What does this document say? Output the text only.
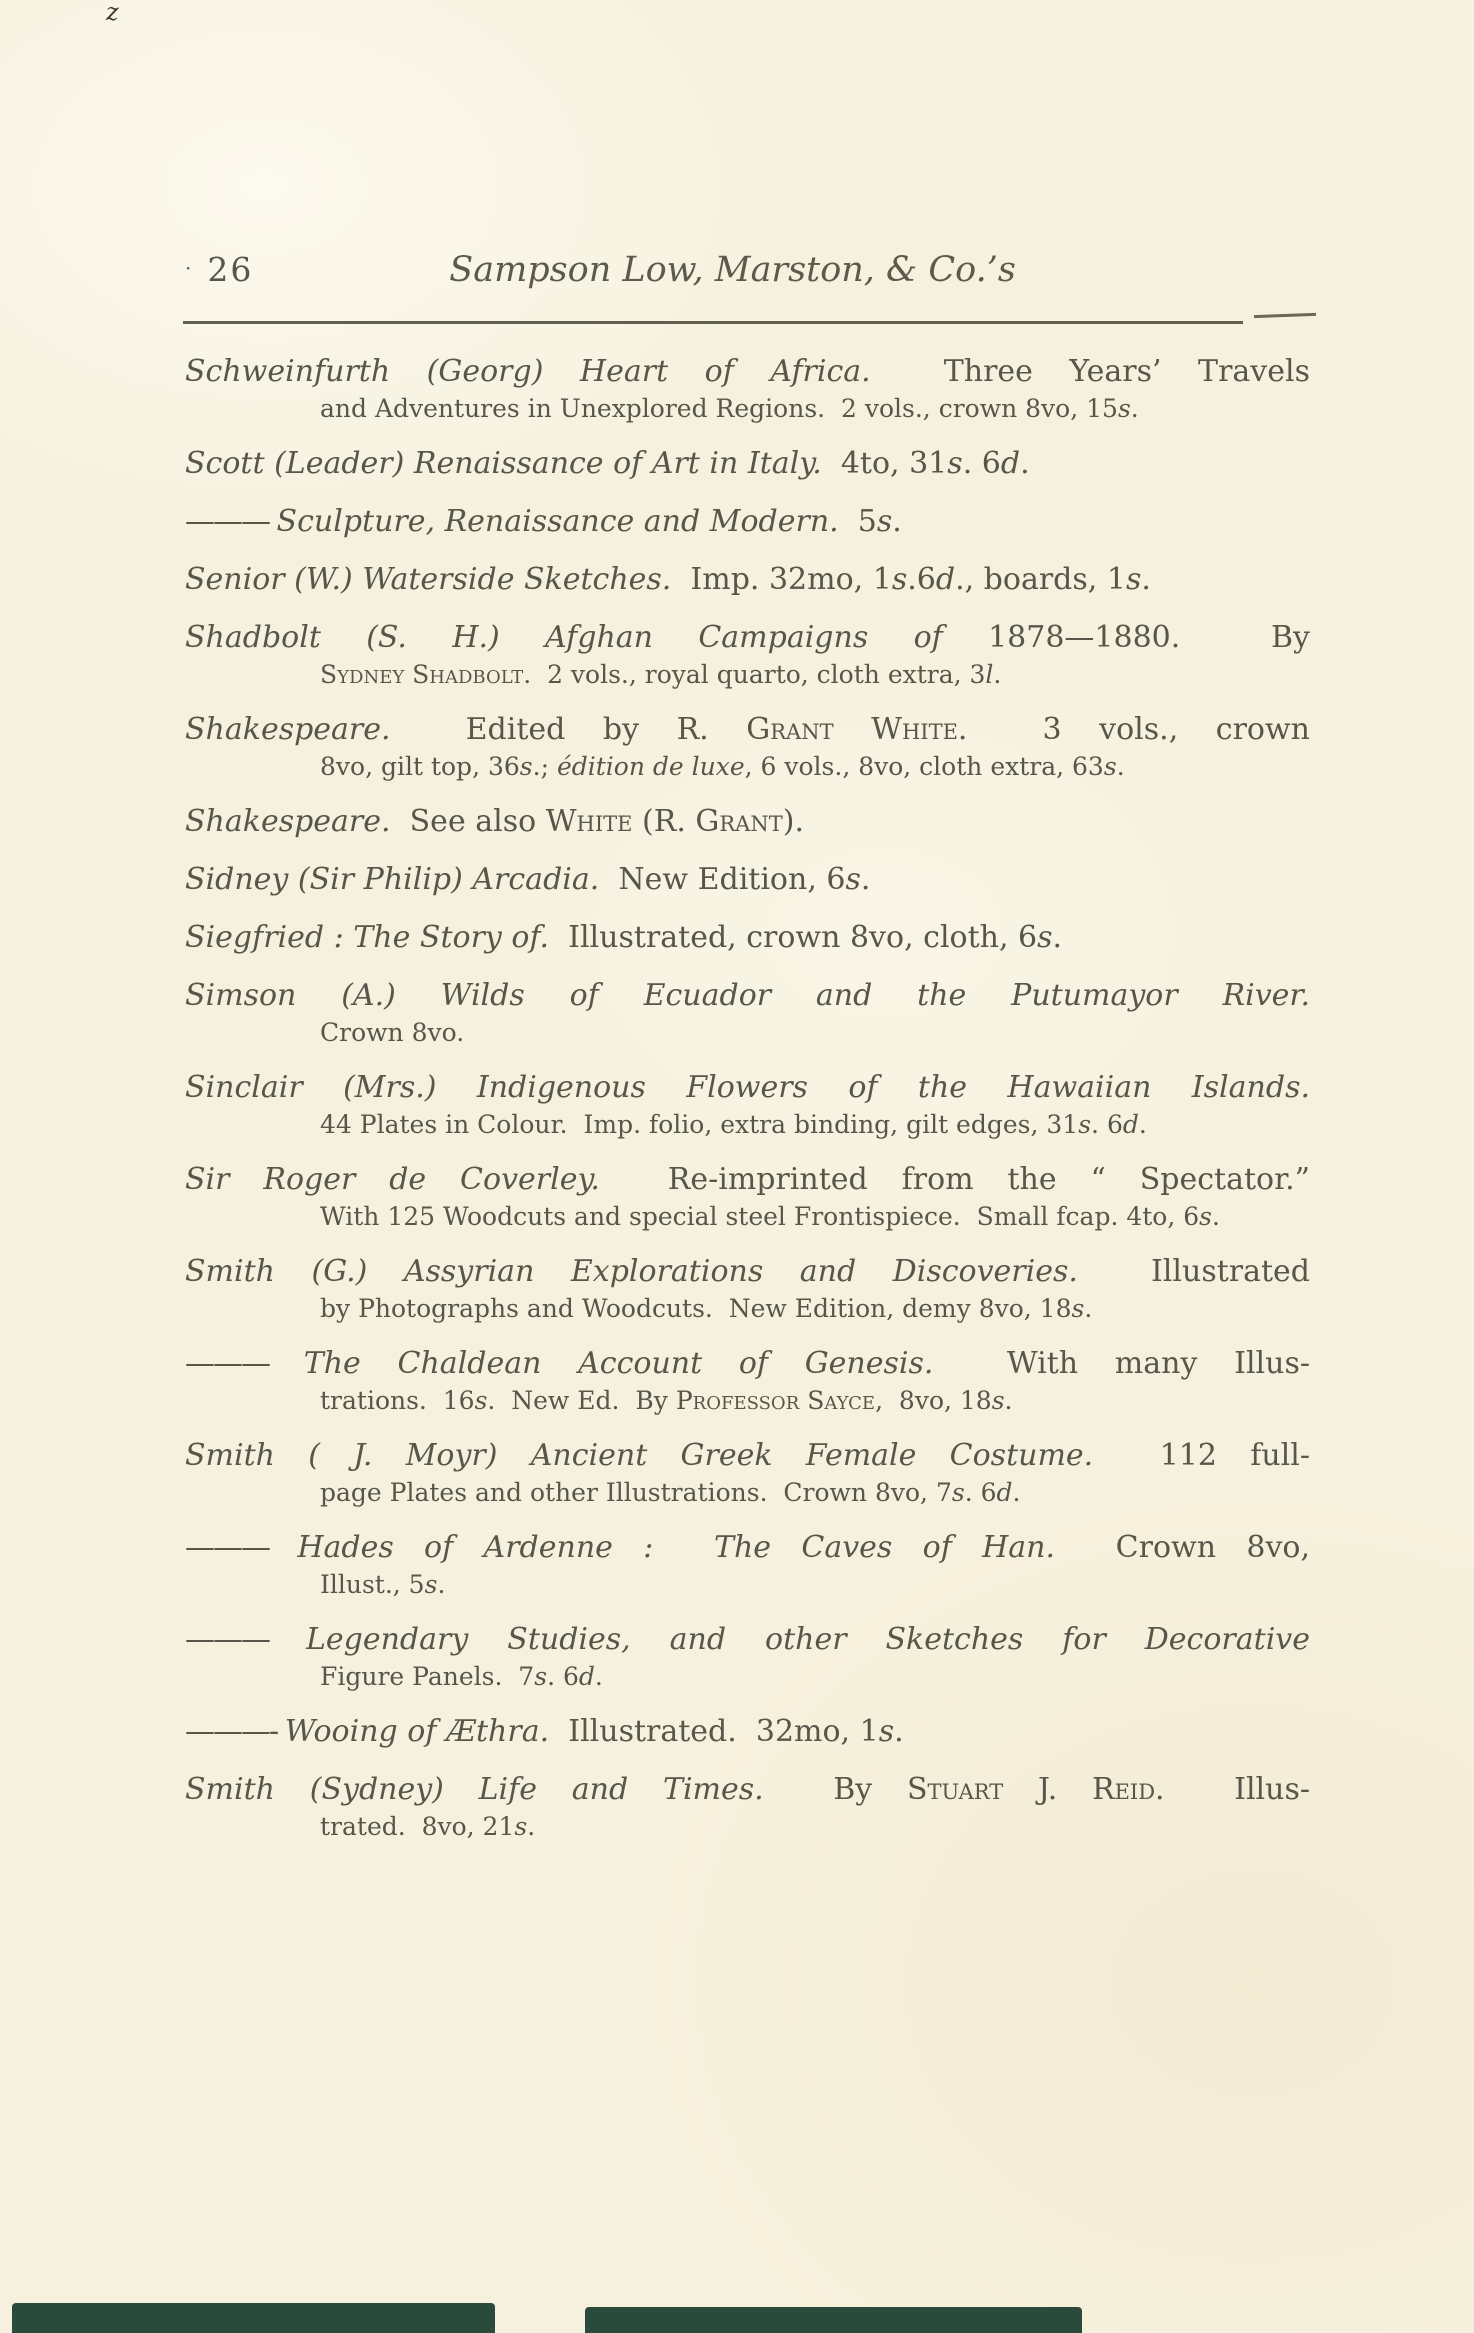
z
· 26	Sampson Low, Marston, & Co.’s
Schweinfurth (Georg) Heart of Africa.  Three Years’ Travels
and Adventures in Unexplored Regions.  2 vols., crown 8vo, 15s.
Scott (Leader) Renaissance of Art in Italy.  4to, 31s. 6d.
——— Sculpture, Renaissance and Modern.  5s.
Senior (W.) Waterside Sketches.  Imp. 32mo, 1s.6d., boards, 1s.
Shadbolt (S. H.) Afghan Campaigns of 1878—1880.  By
Sydney Shadbolt.  2 vols., royal quarto, cloth extra, 3l.
Shakespeare.  Edited by R. Grant White.  3 vols., crown
8vo, gilt top, 36s.; édition de luxe, 6 vols., 8vo, cloth extra, 63s.
Shakespeare.  See also White (R. Grant).
Sidney (Sir Philip) Arcadia.  New Edition, 6s.
Siegfried : The Story of.  Illustrated, crown 8vo, cloth, 6s.
Simson (A.) Wilds of Ecuador and the Putumayor River.
Crown 8vo.
Sinclair (Mrs.) Indigenous Flowers of the Hawaiian Islands.
44 Plates in Colour.  Imp. folio, extra binding, gilt edges, 31s. 6d.
Sir Roger de Coverley.  Re-imprinted from the “ Spectator.”
With 125 Woodcuts and special steel Frontispiece.  Small fcap. 4to, 6s.
Smith (G.) Assyrian Explorations and Discoveries.  Illustrated
by Photographs and Woodcuts.  New Edition, demy 8vo, 18s.
——— The Chaldean Account of Genesis.  With many Illus-
trations.  16s.  New Ed.  By Professor Sayce,  8vo, 18s.
Smith ( J. Moyr) Ancient Greek Female Costume.  112 full-
page Plates and other Illustrations.  Crown 8vo, 7s. 6d.
——— Hades of Ardenne :  The Caves of Han.  Crown 8vo,
Illust., 5s.
——— Legendary Studies, and other Sketches for Decorative
Figure Panels.  7s. 6d.
———- Wooing of Æthra.  Illustrated.  32mo, 1s.
Smith (Sydney) Life and Times.  By Stuart J. Reid.  Illus-
trated.  8vo, 21s.
